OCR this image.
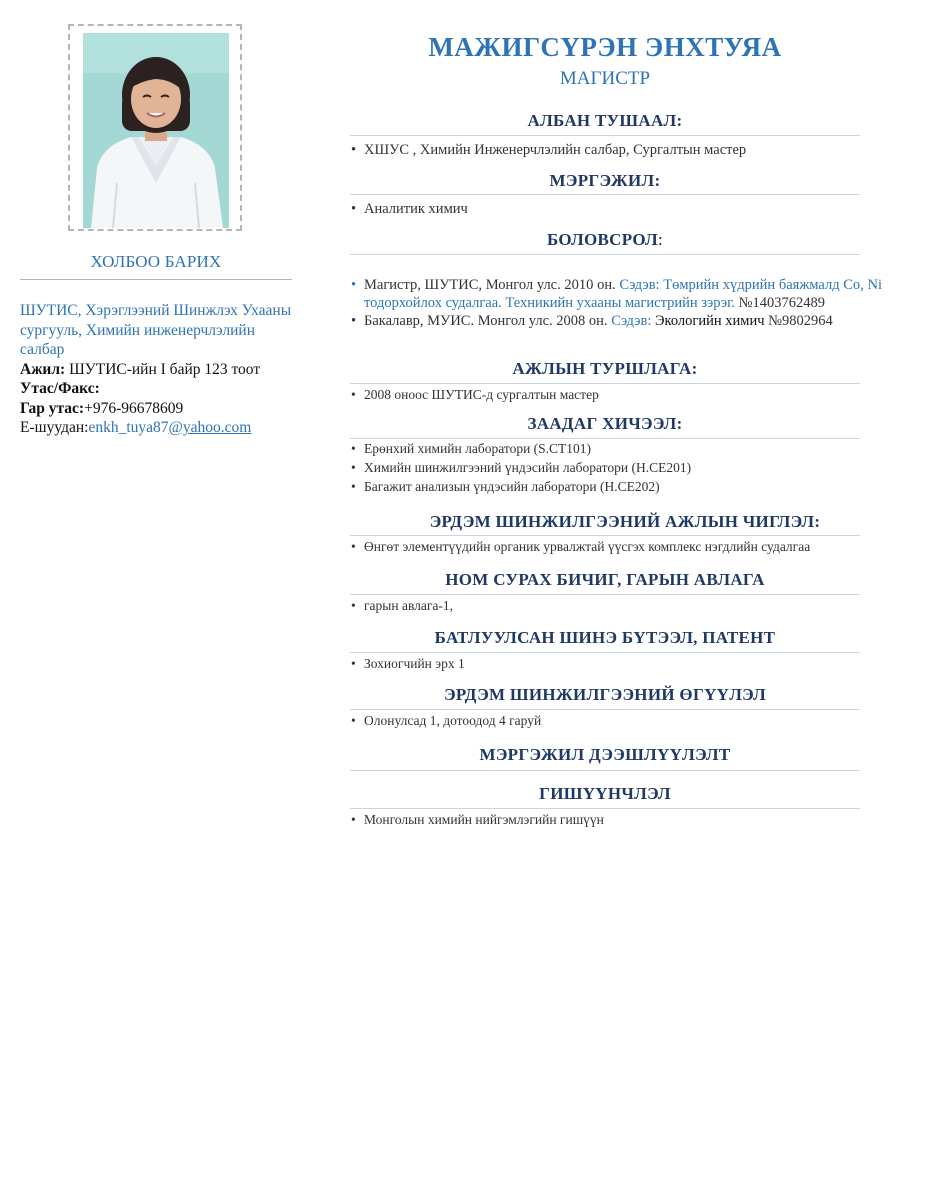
ХОЛБОО БАРИХ
ШУТИС, Хэрэглээний Шинжлэх Ухааны сургууль, Химийн инженерчлэлийн салбар
Ажил: ШУТИС-ийн I байр 123 тоот
Утас/Факс:
Гар утас:+976-96678609
E-шуудан:enkh_tuya87@yahoo.com
МАЖИГСҮРЭН ЭНХТУЯА
МАГИСТР
АЛБАН ТУШААЛ:
• ХШУС , Химийн Инженерчлэлийн салбар, Сургалтын мастер
МЭРГЭЖИЛ:
• Аналитик химич
БОЛОВСРОЛ:
• Магистр, ШУТИС, Монгол улс. 2010 он. Сэдэв: Төмрийн хүдрийн баяжмалд Co, Ni тодорхойлох судалгаа. Техникийн ухааны магистрийн зэрэг. №1403762489
• Бакалавр, МУИС. Монгол улс. 2008 он. Сэдэв: Экологийн химич №9802964
АЖЛЫН ТУРШЛАГА:
• 2008 оноос ШУТИС-д сургалтын мастер
ЗААДАГ ХИЧЭЭЛ:
• Ерөнхий химийн лаборатори (S.CT101)
• Химийн шинжилгээний үндэсийн лаборатори (H.CE201)
• Багажит анализын үндэсийн лаборатори (H.CE202)
ЭРДЭМ ШИНЖИЛГЭЭНИЙ АЖЛЫН ЧИГЛЭЛ:
• Өнгөт элементүүдийн органик урвалжтай үүсгэх комплекс нэгдлийн судалгаа
НОМ СУРАХ БИЧИГ, ГАРЫН АВЛАГА
• гарын авлага-1,
БАТЛУУЛСАН ШИНЭ БҮТЭЭЛ, ПАТЕНТ
• Зохиогчийн эрх 1
ЭРДЭМ ШИНЖИЛГЭЭНИЙ ӨГҮҮЛЭЛ
• Олонулсад 1, дотоодод 4 гаруй
МЭРГЭЖИЛ ДЭЭШЛҮҮЛЭЛТ
ГИШҮҮНЧЛЭЛ
• Монголын химийн нийгэмлэгийн гишүүн
